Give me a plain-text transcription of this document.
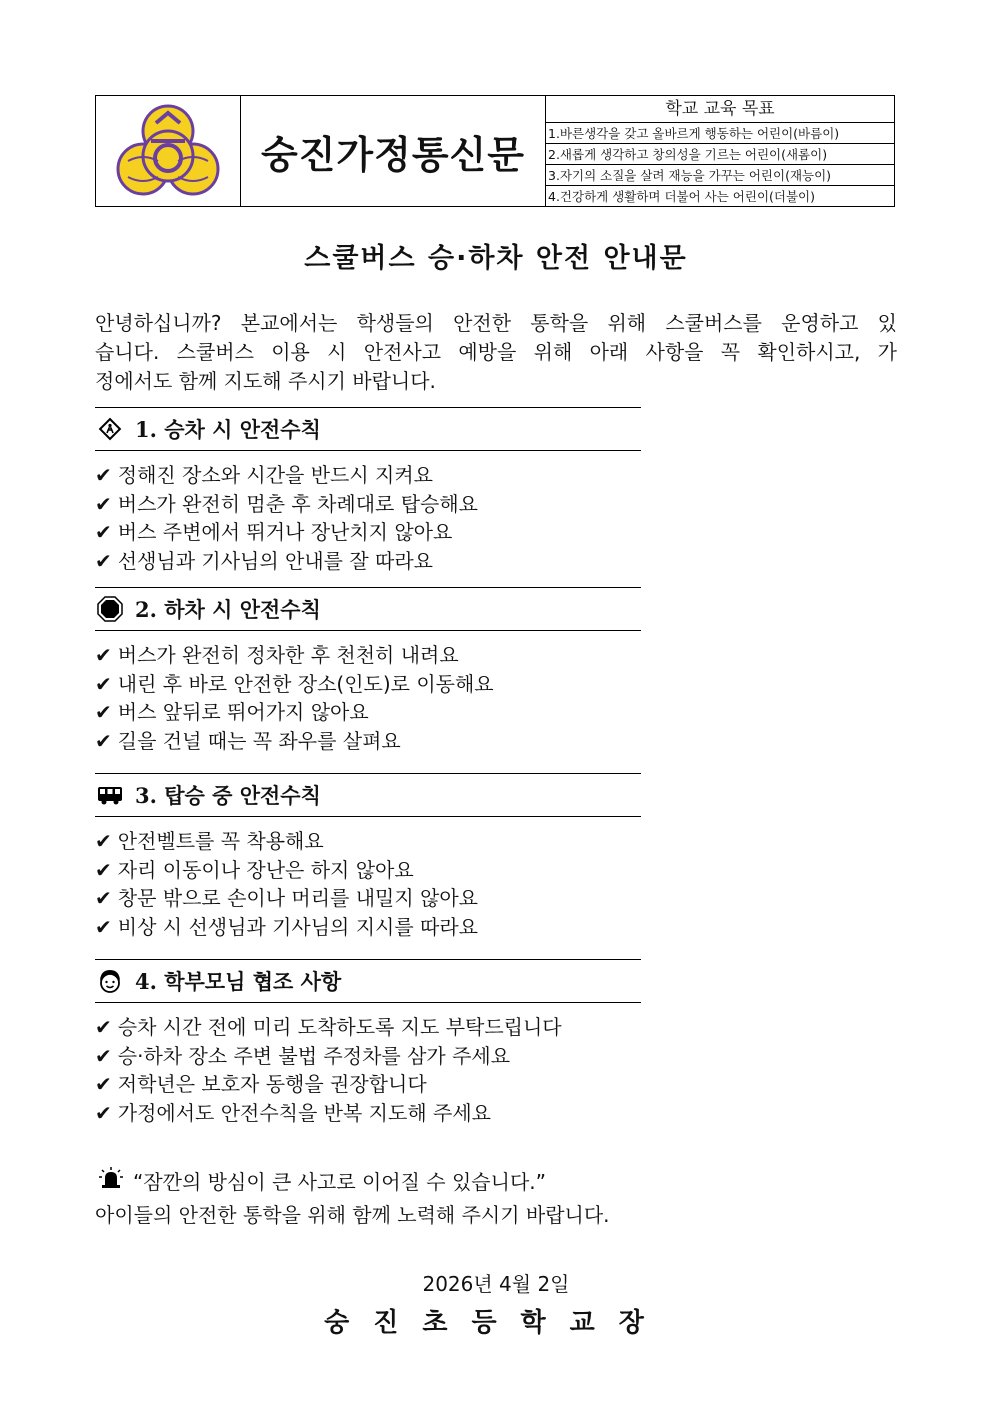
숭진가정통신문
학교 교육 목표
1.바른생각을 갖고 올바르게 행동하는 어린이(바름이)
2.새롭게 생각하고 창의성을 기르는 어린이(새롬이)
3.자기의 소질을 살려 재능을 가꾸는 어린이(재능이)
4.건강하게 생활하며 더불어 사는 어린이(더불이)
스쿨버스 승·하차 안전 안내문
안녕하십니까? 본교에서는 학생들의 안전한 통학을 위해 스쿨버스를 운영하고 있
습니다. 스쿨버스 이용 시 안전사고 예방을 위해 아래 사항을 꼭 확인하시고, 가
정에서도 함께 지도해 주시기 바랍니다.
1. 승차 시 안전수칙
✔ 정해진 장소와 시간을 반드시 지켜요
✔ 버스가 완전히 멈춘 후 차례대로 탑승해요
✔ 버스 주변에서 뛰거나 장난치지 않아요
✔ 선생님과 기사님의 안내를 잘 따라요
2. 하차 시 안전수칙
✔ 버스가 완전히 정차한 후 천천히 내려요
✔ 내린 후 바로 안전한 장소(인도)로 이동해요
✔ 버스 앞뒤로 뛰어가지 않아요
✔ 길을 건널 때는 꼭 좌우를 살펴요
3. 탑승 중 안전수칙
✔ 안전벨트를 꼭 착용해요
✔ 자리 이동이나 장난은 하지 않아요
✔ 창문 밖으로 손이나 머리를 내밀지 않아요
✔ 비상 시 선생님과 기사님의 지시를 따라요
4. 학부모님 협조 사항
✔ 승차 시간 전에 미리 도착하도록 지도 부탁드립니다
✔ 승·하차 장소 주변 불법 주정차를 삼가 주세요
✔ 저학년은 보호자 동행을 권장합니다
✔ 가정에서도 안전수칙을 반복 지도해 주세요
“잠깐의 방심이 큰 사고로 이어질 수 있습니다.”
아이들의 안전한 통학을 위해 함께 노력해 주시기 바랍니다.
2026년 4월 2일
숭진초등학교장
